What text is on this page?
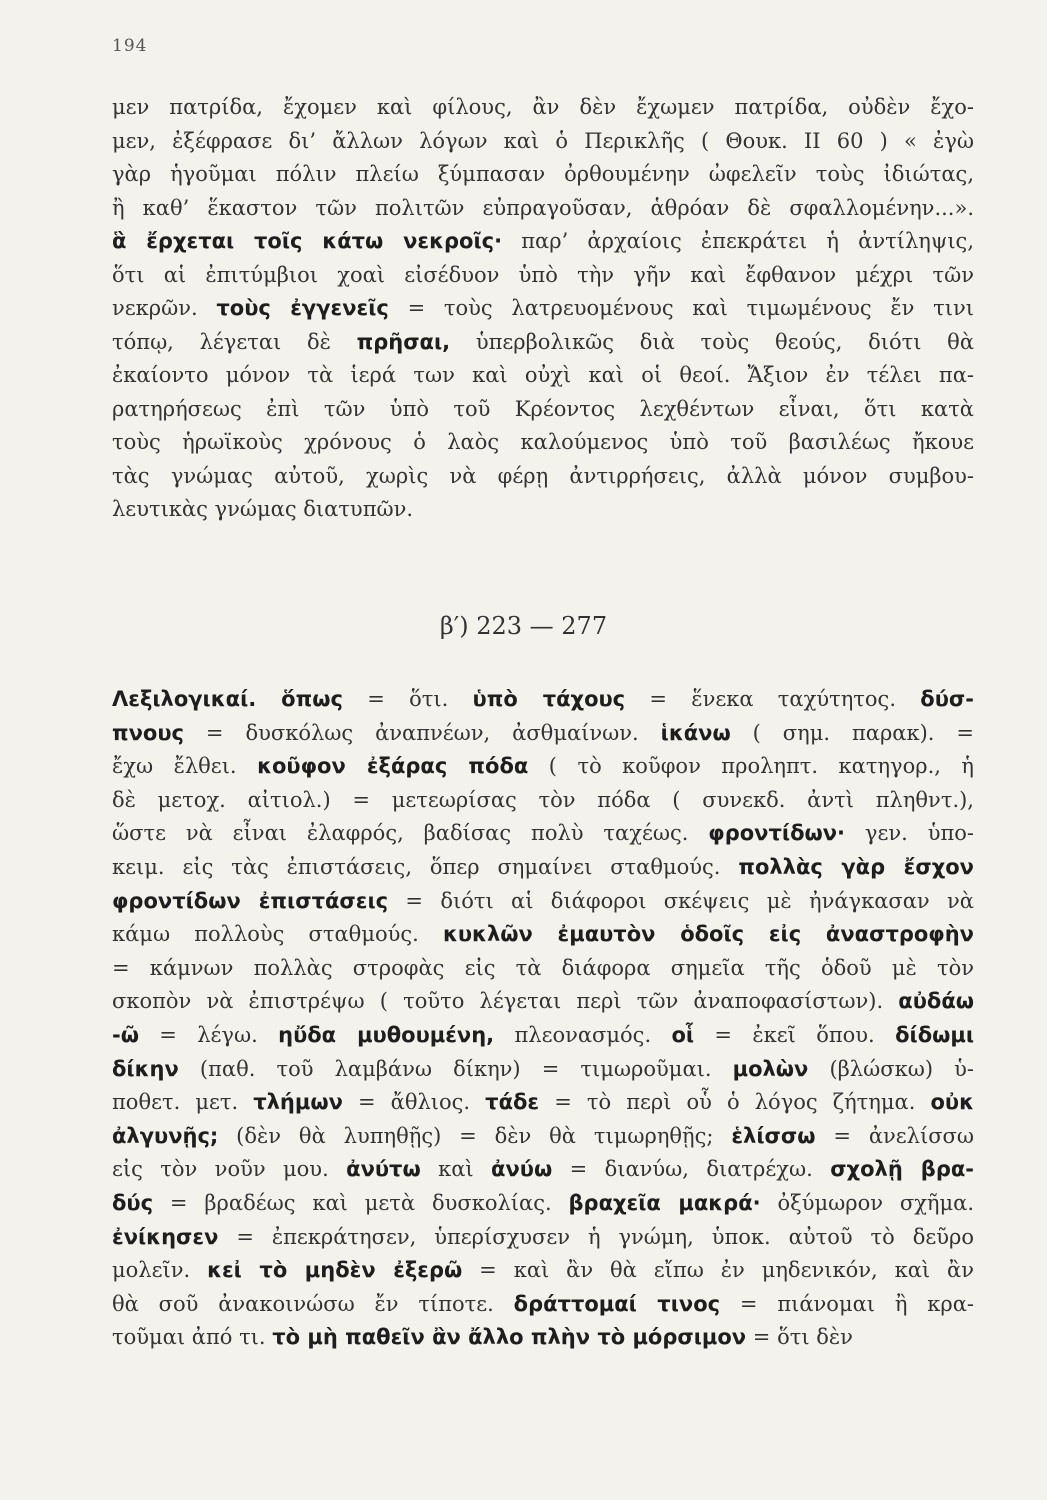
194
μεν πατρίδα, ἔχομεν καὶ φίλους, ἂν δὲν ἔχωμεν πατρίδα, οὐδὲν ἔχο-
μεν, ἐξέφρασε δι’ ἄλλων λόγων καὶ ὁ Περικλῆς ( Θουκ. ΙΙ 60 ) « ἐγὼ
γὰρ ἡγοῦμαι πόλιν πλείω ξύμπασαν ὀρθουμένην ὠφελεῖν τοὺς ἰδιώτας,
ἢ καθ’ ἕκαστον τῶν πολιτῶν εὐπραγοῦσαν, ἁθρόαν δὲ σφαλλομένην...».
ἃ ἔρχεται τοῖς κάτω νεκροῖς· παρ’ ἀρχαίοις ἐπεκράτει ἡ ἀντίληψις,
ὅτι αἱ ἐπιτύμβιοι χοαὶ εἰσέδυον ὑπὸ τὴν γῆν καὶ ἔφθανον μέχρι τῶν
νεκρῶν. τοὺς ἐγγενεῖς = τοὺς λατρευομένους καὶ τιμωμένους ἔν τινι
τόπῳ, λέγεται δὲ πρῆσαι, ὑπερβολικῶς διὰ τοὺς θεούς, διότι θὰ
ἐκαίοντο μόνον τὰ ἱερά των καὶ οὐχὶ καὶ οἱ θεοί. Ἄξιον ἐν τέλει πα-
ρατηρήσεως ἐπὶ τῶν ὑπὸ τοῦ Κρέοντος λεχθέντων εἶναι, ὅτι κατὰ
τοὺς ἡρωϊκοὺς χρόνους ὁ λαὸς καλούμενος ὑπὸ τοῦ βασιλέως ἤκουε
τὰς γνώμας αὐτοῦ, χωρὶς νὰ φέρῃ ἀντιρρήσεις, ἀλλὰ μόνον συμβου-
λευτικὰς γνώμας διατυπῶν.
β′) 223 — 277
Λεξιλογικαί. ὅπως = ὅτι. ὑπὸ τάχους = ἕνεκα ταχύτητος. δύσ-
πνους = δυσκόλως ἀναπνέων, ἀσθμαίνων. ἱκάνω ( σημ. παρακ). =
ἔχω ἔλθει. κοῦφον ἐξάρας πόδα ( τὸ κοῦφον προληπτ. κατηγορ., ἡ
δὲ μετοχ. αἰτιολ.) = μετεωρίσας τὸν πόδα ( συνεκδ. ἀντὶ πληθντ.),
ὥστε νὰ εἶναι ἐλαφρός, βαδίσας πολὺ ταχέως. φροντίδων· γεν. ὑπο-
κειμ. εἰς τὰς ἐπιστάσεις, ὅπερ σημαίνει σταθμούς. πολλὰς γὰρ ἔσχον
φροντίδων ἐπιστάσεις = διότι αἱ διάφοροι σκέψεις μὲ ἠνάγκασαν νὰ
κάμω πολλοὺς σταθμούς. κυκλῶν ἐμαυτὸν ὁδοῖς εἰς ἀναστροφὴν
= κάμνων πολλὰς στροφὰς εἰς τὰ διάφορα σημεῖα τῆς ὁδοῦ μὲ τὸν
σκοπὸν νὰ ἐπιστρέψω ( τοῦτο λέγεται περὶ τῶν ἀναποφασίστων). αὐδάω
-ῶ = λέγω. ηὔδα μυθουμένη, πλεονασμός. οἷ = ἐκεῖ ὅπου. δίδωμι
δίκην (παθ. τοῦ λαμβάνω δίκην) = τιμωροῦμαι. μολὼν (βλώσκω) ὑ-
ποθετ. μετ. τλήμων = ἄθλιος. τάδε = τὸ περὶ οὗ ὁ λόγος ζήτημα. οὐκ
ἀλγυνῇς; (δὲν θὰ λυπηθῇς) = δὲν θὰ τιμωρηθῇς; ἑλίσσω = ἀνελίσσω
εἰς τὸν νοῦν μου. ἀνύτω καὶ ἀνύω = διανύω, διατρέχω. σχολῇ βρα-
δύς = βραδέως καὶ μετὰ δυσκολίας. βραχεῖα μακρά· ὀξύμωρον σχῆμα.
ἐνίκησεν = ἐπεκράτησεν, ὑπερίσχυσεν ἡ γνώμη, ὑποκ. αὐτοῦ τὸ δεῦρο
μολεῖν. κεἰ τὸ μηδὲν ἐξερῶ = καὶ ἂν θὰ εἴπω ἐν μηδενικόν, καὶ ἂν
θὰ σοῦ ἀνακοινώσω ἔν τίποτε. δράττομαί τινος = πιάνομαι ἢ κρα-
τοῦμαι ἀπό τι. τὸ μὴ παθεῖν ἂν ἄλλο πλὴν τὸ μόρσιμον = ὅτι δὲν
